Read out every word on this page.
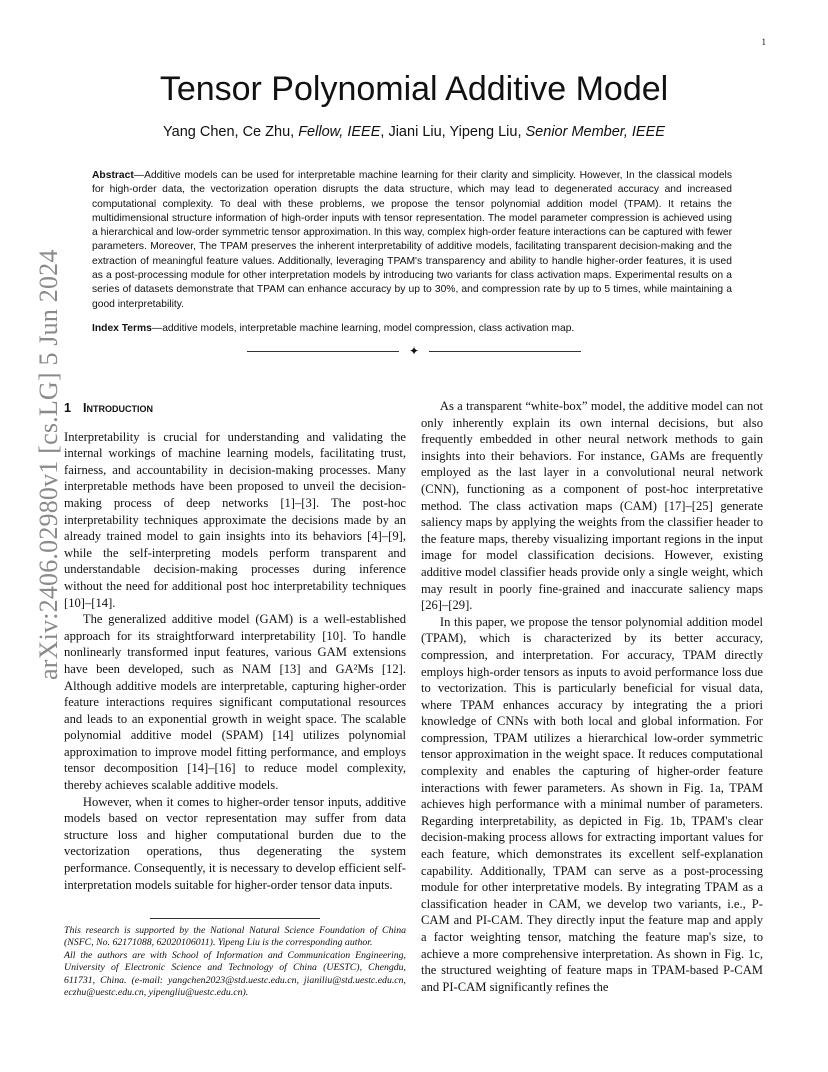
1
arXiv:2406.02980v1 [cs.LG] 5 Jun 2024
Tensor Polynomial Additive Model
Yang Chen, Ce Zhu, Fellow, IEEE, Jiani Liu, Yipeng Liu, Senior Member, IEEE
Abstract—Additive models can be used for interpretable machine learning for their clarity and simplicity. However, In the classical models for high-order data, the vectorization operation disrupts the data structure, which may lead to degenerated accuracy and increased computational complexity. To deal with these problems, we propose the tensor polynomial addition model (TPAM). It retains the multidimensional structure information of high-order inputs with tensor representation. The model parameter compression is achieved using a hierarchical and low-order symmetric tensor approximation. In this way, complex high-order feature interactions can be captured with fewer parameters. Moreover, The TPAM preserves the inherent interpretability of additive models, facilitating transparent decision-making and the extraction of meaningful feature values. Additionally, leveraging TPAM's transparency and ability to handle higher-order features, it is used as a post-processing module for other interpretation models by introducing two variants for class activation maps. Experimental results on a series of datasets demonstrate that TPAM can enhance accuracy by up to 30%, and compression rate by up to 5 times, while maintaining a good interpretability.
Index Terms—additive models, interpretable machine learning, model compression, class activation map.
✦

1 Introduction

Interpretability is crucial for understanding and validating the internal workings of machine learning models, facilitating trust, fairness, and accountability in decision-making processes. Many interpretable methods have been proposed to unveil the decision-making process of deep networks [1]–[3]. The post-hoc interpretability techniques approximate the decisions made by an already trained model to gain insights into its behaviors [4]–[9], while the self-interpreting models perform transparent and understandable decision-making processes during inference without the need for additional post hoc interpretability techniques [10]–[14].

The generalized additive model (GAM) is a well-established approach for its straightforward interpretability [10]. To handle nonlinearly transformed input features, various GAM extensions have been developed, such as NAM [13] and GA²Ms [12]. Although additive models are interpretable, capturing higher-order feature interactions requires significant computational resources and leads to an exponential growth in weight space. The scalable polynomial additive model (SPAM) [14] utilizes polynomial approximation to improve model fitting performance, and employs tensor decomposition [14]–[16] to reduce model complexity, thereby achieves scalable additive models.

However, when it comes to higher-order tensor inputs, additive models based on vector representation may suffer from data structure loss and higher computational burden due to the vectorization operations, thus degenerating the system performance. Consequently, it is necessary to develop efficient self-interpretation models suitable for higher-order tensor data inputs.

This research is supported by the National Natural Science Foundation of China (NSFC, No. 62171088, 62020106011). Yipeng Liu is the corresponding author.

All the authors are with School of Information and Communication Engineering, University of Electronic Science and Technology of China (UESTC), Chengdu, 611731, China. (e-mail: yangchen2023@std.uestc.edu.cn, jianiliu@std.uestc.edu.cn, eczhu@uestc.edu.cn, yipengliu@uestc.edu.cn).

As a transparent “white-box” model, the additive model can not only inherently explain its own internal decisions, but also frequently embedded in other neural network methods to gain insights into their behaviors. For instance, GAMs are frequently employed as the last layer in a convolutional neural network (CNN), functioning as a component of post-hoc interpretative method. The class activation maps (CAM) [17]–[25] generate saliency maps by applying the weights from the classifier header to the feature maps, thereby visualizing important regions in the input image for model classification decisions. However, existing additive model classifier heads provide only a single weight, which may result in poorly fine-grained and inaccurate saliency maps [26]–[29].

In this paper, we propose the tensor polynomial addition model (TPAM), which is characterized by its better accuracy, compression, and interpretation. For accuracy, TPAM directly employs high-order tensors as inputs to avoid performance loss due to vectorization. This is particularly beneficial for visual data, where TPAM enhances accuracy by integrating the a priori knowledge of CNNs with both local and global information. For compression, TPAM utilizes a hierarchical low-order symmetric tensor approximation in the weight space. It reduces computational complexity and enables the capturing of higher-order feature interactions with fewer parameters. As shown in Fig. 1a, TPAM achieves high performance with a minimal number of parameters. Regarding interpretability, as depicted in Fig. 1b, TPAM's clear decision-making process allows for extracting important values for each feature, which demonstrates its excellent self-explanation capability. Additionally, TPAM can serve as a post-processing module for other interpretative models. By integrating TPAM as a classification header in CAM, we develop two variants, i.e., P-CAM and PI-CAM. They directly input the feature map and apply a factor weighting tensor, matching the feature map's size, to achieve a more comprehensive interpretation. As shown in Fig. 1c, the structured weighting of feature maps in TPAM-based P-CAM and PI-CAM significantly refines the
